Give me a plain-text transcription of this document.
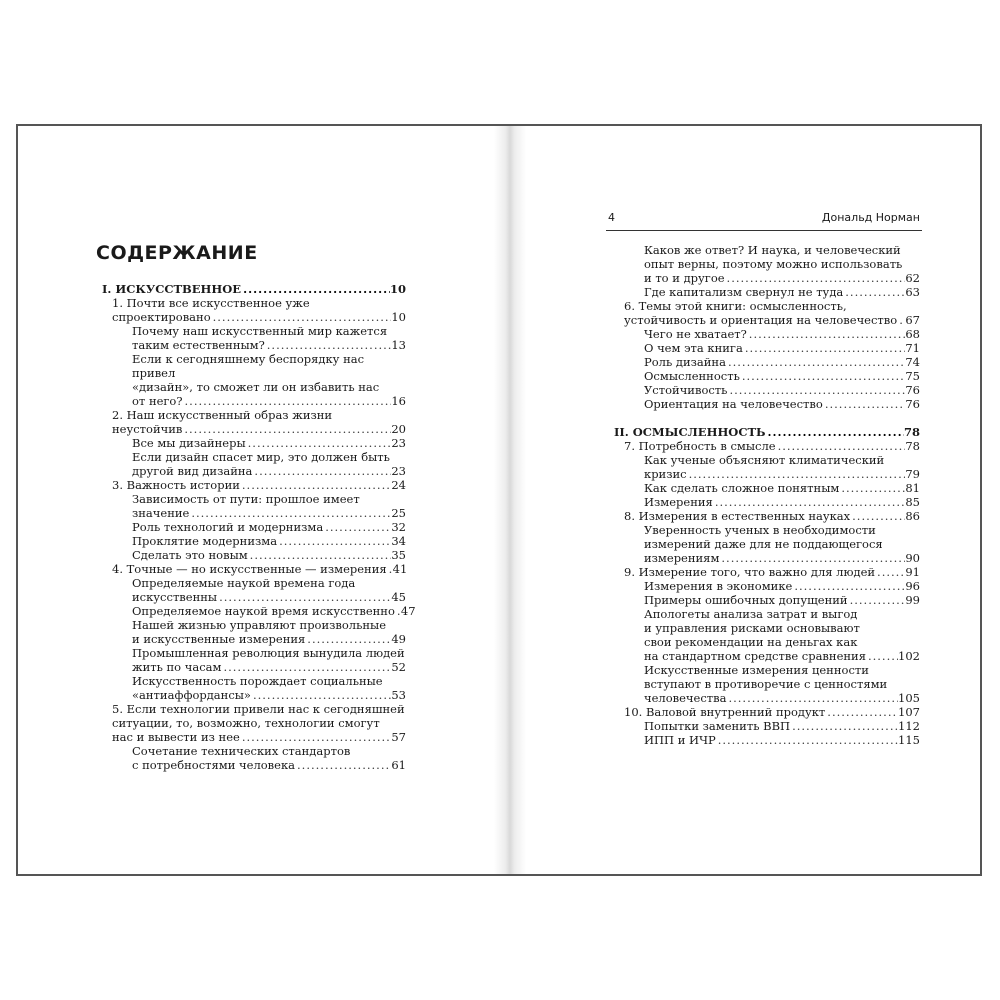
СОДЕРЖАНИЕ
I. ИСКУССТВЕННОЕ .....	10
1. Почти все искусственное уже
спроектировано .....	10
Почему наш искусственный мир кажется
таким естественным? .....	13
Если к сегодняшнему беспорядку нас привел
«дизайн», то сможет ли он избавить нас
от него? .....	16
2. Наш искусственный образ жизни
неустойчив .....	20
Все мы дизайнеры .....	23
Если дизайн спасет мир, это должен быть
другой вид дизайна .....	23
3. Важность истории .....	24
Зависимость от пути: прошлое имеет
значение .....	25
Роль технологий и модернизма .....	32
Проклятие модернизма .....	34
Сделать это новым .....	35
4. Точные — но искусственные — измерения ..... 41
Определяемые наукой времена года
искусственны .....	45
Определяемое наукой время искусственно ..... 47
Нашей жизнью управляют произвольные
и искусственные измерения .....	49
Промышленная революция вынудила людей
жить по часам .....	52
Искусственность порождает социальные
«антиаффордансы» .....	53
5. Если технологии привели нас к сегодняшней
ситуации, то, возможно, технологии смогут
нас и вывести из нее .....	57
Сочетание технических стандартов
с потребностями человека .....	61
4	Дональд Норман
Каков же ответ? И наука, и человеческий
опыт верны, поэтому можно использовать
и то и другое .....	62
Где капитализм свернул не туда .....	63
6. Темы этой книги: осмысленность,
устойчивость и ориентация на человечество ..... 67
Чего не хватает? .....	68
О чем эта книга .....	71
Роль дизайна .....	74
Осмысленность .....	75
Устойчивость .....	76
Ориентация на человечество .....	76
II. ОСМЫСЛЕННОСТЬ .....	78
7. Потребность в смысле .....	78
Как ученые объясняют климатический
кризис .....	79
Как сделать сложное понятным .....	81
Измерения .....	85
8. Измерения в естественных науках .....	86
Уверенность ученых в необходимости
измерений даже для не поддающегося
измерениям .....	90
9. Измерение того, что важно для людей .....	91
Измерения в экономике .....	96
Примеры ошибочных допущений .....	99
Апологеты анализа затрат и выгод
и управления рисками основывают
свои рекомендации на деньгах как
на стандартном средстве сравнения .....	102
Искусственные измерения ценности
вступают в противоречие с ценностями
человечества .....	105
10. Валовой внутренний продукт .....	107
Попытки заменить ВВП .....	112
ИПП и ИЧР .....	115
